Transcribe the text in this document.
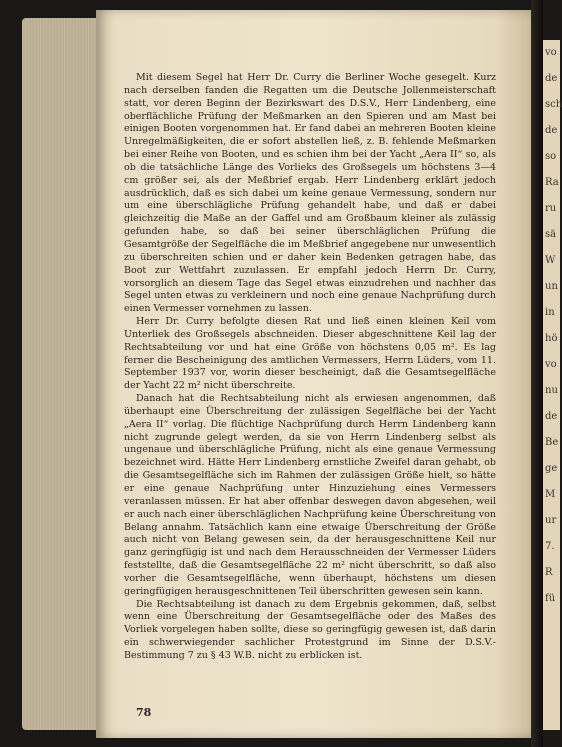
Mit diesem Segel hat Herr Dr. Curry die Berliner Woche gesegelt. Kurz nach derselben fanden die Regatten um die Deutsche Jollenmeisterschaft statt, vor deren Beginn der Bezirkswart des D.S.V., Herr Lindenberg, eine oberflächliche Prüfung der Meßmarken an den Spieren und am Mast bei einigen Booten vorgenommen hat. Er fand dabei an mehreren Booten kleine Unregelmäßigkeiten, die er sofort abstellen ließ, z. B. fehlende Meßmarken bei einer Reihe von Booten, und es schien ihm bei der Yacht „Aera II“ so, als ob die tatsächliche Länge des Vorlieks des Großsegels um höchstens 3—4 cm größer sei, als der Meßbrief ergab. Herr Lindenberg erklärt jedoch ausdrücklich, daß es sich dabei um keine genaue Vermessung, sondern nur um eine überschlägliche Prüfung gehandelt habe, und daß er dabei gleichzeitig die Maße an der Gaffel und am Großbaum kleiner als zulässig gefunden habe, so daß bei seiner überschläglichen Prüfung die Gesamtgröße der Segelfläche die im Meßbrief angegebene nur unwesentlich zu überschreiten schien und er daher kein Bedenken getragen habe, das Boot zur Wettfahrt zuzulassen. Er empfahl jedoch Herrn Dr. Curry, vorsorglich an diesem Tage das Segel etwas einzudrehen und nachher das Segel unten etwas zu verkleinern und noch eine genaue Nachprüfung durch einen Vermesser vornehmen zu lassen.

Herr Dr. Curry befolgte diesen Rat und ließ einen kleinen Keil vom Unterliek des Großsegels abschneiden. Dieser abgeschnittene Keil lag der Rechtsabteilung vor und hat eine Größe von höchstens 0,05 m². Es lag ferner die Bescheinigung des amtlichen Vermessers, Herrn Lüders, vom 11. September 1937 vor, worin dieser bescheinigt, daß die Gesamtsegelfläche der Yacht 22 m² nicht überschreite.

Danach hat die Rechtsabteilung nicht als erwiesen angenommen, daß überhaupt eine Überschreitung der zulässigen Segelfläche bei der Yacht „Aera II“ vorlag. Die flüchtige Nachprüfung durch Herrn Lindenberg kann nicht zugrunde gelegt werden, da sie von Herrn Lindenberg selbst als ungenaue und überschlägliche Prüfung, nicht als eine genaue Vermessung bezeichnet wird. Hätte Herr Lindenberg ernstliche Zweifel daran gehabt, ob die Gesamtsegelfläche sich im Rahmen der zulässigen Größe hielt, so hätte er eine genaue Nachprüfung unter Hinzuziehung eines Vermessers veranlassen müssen. Er hat aber offenbar deswegen davon abgesehen, weil er auch nach einer überschläglichen Nachprüfung keine Überschreitung von Belang annahm. Tatsächlich kann eine etwaige Überschreitung der Größe auch nicht von Belang gewesen sein, da der herausgeschnittene Keil nur ganz geringfügig ist und nach dem Herausschneiden der Vermesser Lüders feststellte, daß die Gesamtsegelfläche 22 m² nicht überschritt, so daß also vorher die Gesamtsegelfläche, wenn überhaupt, höchstens um diesen geringfügigen herausgeschnittenen Teil überschritten gewesen sein kann.

Die Rechtsabteilung ist danach zu dem Ergebnis gekommen, daß, selbst wenn eine Überschreitung der Gesamtsegelfläche oder des Maßes des Vorliek vorgelegen haben sollte, diese so geringfügig gewesen ist, daß darin ein schwerwiegender sachlicher Protestgrund im Sinne der D.S.V.-Bestimmung 7 zu § 43 W.B. nicht zu erblicken ist.

78
vo
de
sch
de
so
Ra
ru
sä
W
un
in
hö
vo
nu
de
Be
ge
M
ur
7.
R
fü
